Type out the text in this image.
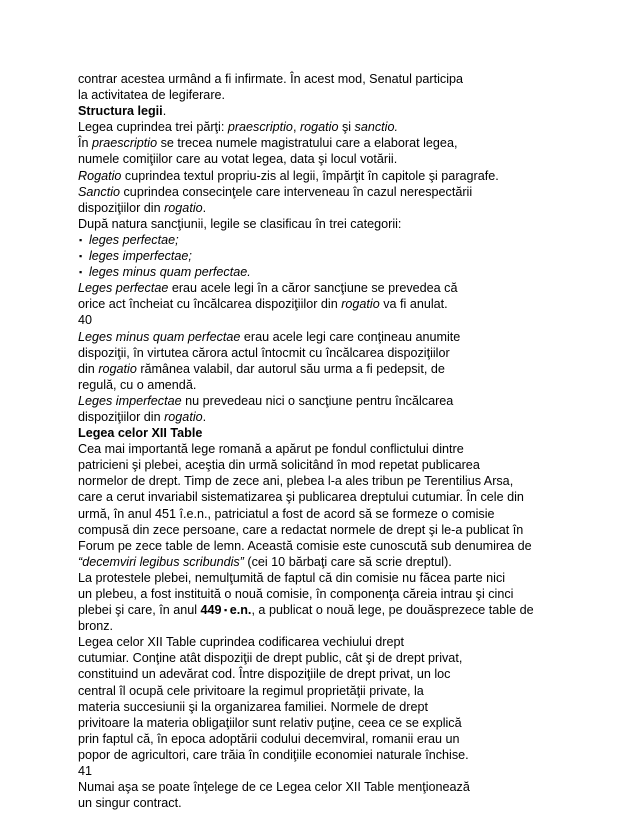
contrar acestea urmând a fi infirmate. În acest mod, Senatul participa
la activitatea de legiferare.
Structura legii.
Legea cuprindea trei părţi: praescriptio, rogatio şi sanctio.
În praescriptio se trecea numele magistratului care a elaborat legea,
numele comiţiilor care au votat legea, data şi locul votării.
Rogatio cuprindea textul propriu-zis al legii, împărţit în capitole şi paragrafe.
Sanctio cuprindea consecinţele care interveneau în cazul nerespectării
dispoziţiilor din rogatio.
După natura sancţiunii, legile se clasificau în trei categorii:
▪ leges perfectae;
▪ leges imperfectae;
▪ leges minus quam perfectae.
Leges perfectae erau acele legi în a căror sancţiune se prevedea că
orice act încheiat cu încălcarea dispoziţiilor din rogatio va fi anulat.
40
Leges minus quam perfectae erau acele legi care conţineau anumite
dispoziţii, în virtutea cărora actul întocmit cu încălcarea dispoziţiilor
din rogatio rămânea valabil, dar autorul său urma a fi pedepsit, de
regulă, cu o amendă.
Leges imperfectae nu prevedeau nici o sancţiune pentru încălcarea
dispoziţiilor din rogatio.
Legea celor XII Table
Cea mai importantă lege romană a apărut pe fondul conflictului dintre
patricieni şi plebei, aceştia din urmă solicitând în mod repetat publicarea
normelor de drept. Timp de zece ani, plebea l-a ales tribun pe Terentilius Arsa,
care a cerut invariabil sistematizarea şi publicarea dreptului cutumiar. În cele din
urmă, în anul 451 î.e.n., patriciatul a fost de acord să se formeze o comisie
compusă din zece persoane, care a redactat normele de drept şi le-a publicat în
Forum pe zece table de lemn. Această comisie este cunoscută sub denumirea de
“decemviri legibus scribundis” (cei 10 bărbaţi care să scrie dreptul).
La protestele plebei, nemulţumită de faptul că din comisie nu făcea parte nici
un plebeu, a fost instituită o nouă comisie, în componenţa căreia intrau şi cinci
plebei şi care, în anul 449 ▪ e.n., a publicat o nouă lege, pe douăsprezece table de
bronz.
Legea celor XII Table cuprindea codificarea vechiului drept
cutumiar. Conţine atât dispoziţii de drept public, cât şi de drept privat,
constituind un adevărat cod. Între dispoziţiile de drept privat, un loc
central îl ocupă cele privitoare la regimul proprietăţii private, la
materia succesiunii şi la organizarea familiei. Normele de drept
privitoare la materia obligaţiilor sunt relativ puţine, ceea ce se explică
prin faptul că, în epoca adoptării codului decemviral, romanii erau un
popor de agricultori, care trăia în condiţiile economiei naturale închise.
41
Numai aşa se poate înţelege de ce Legea celor XII Table menţionează
un singur contract.
